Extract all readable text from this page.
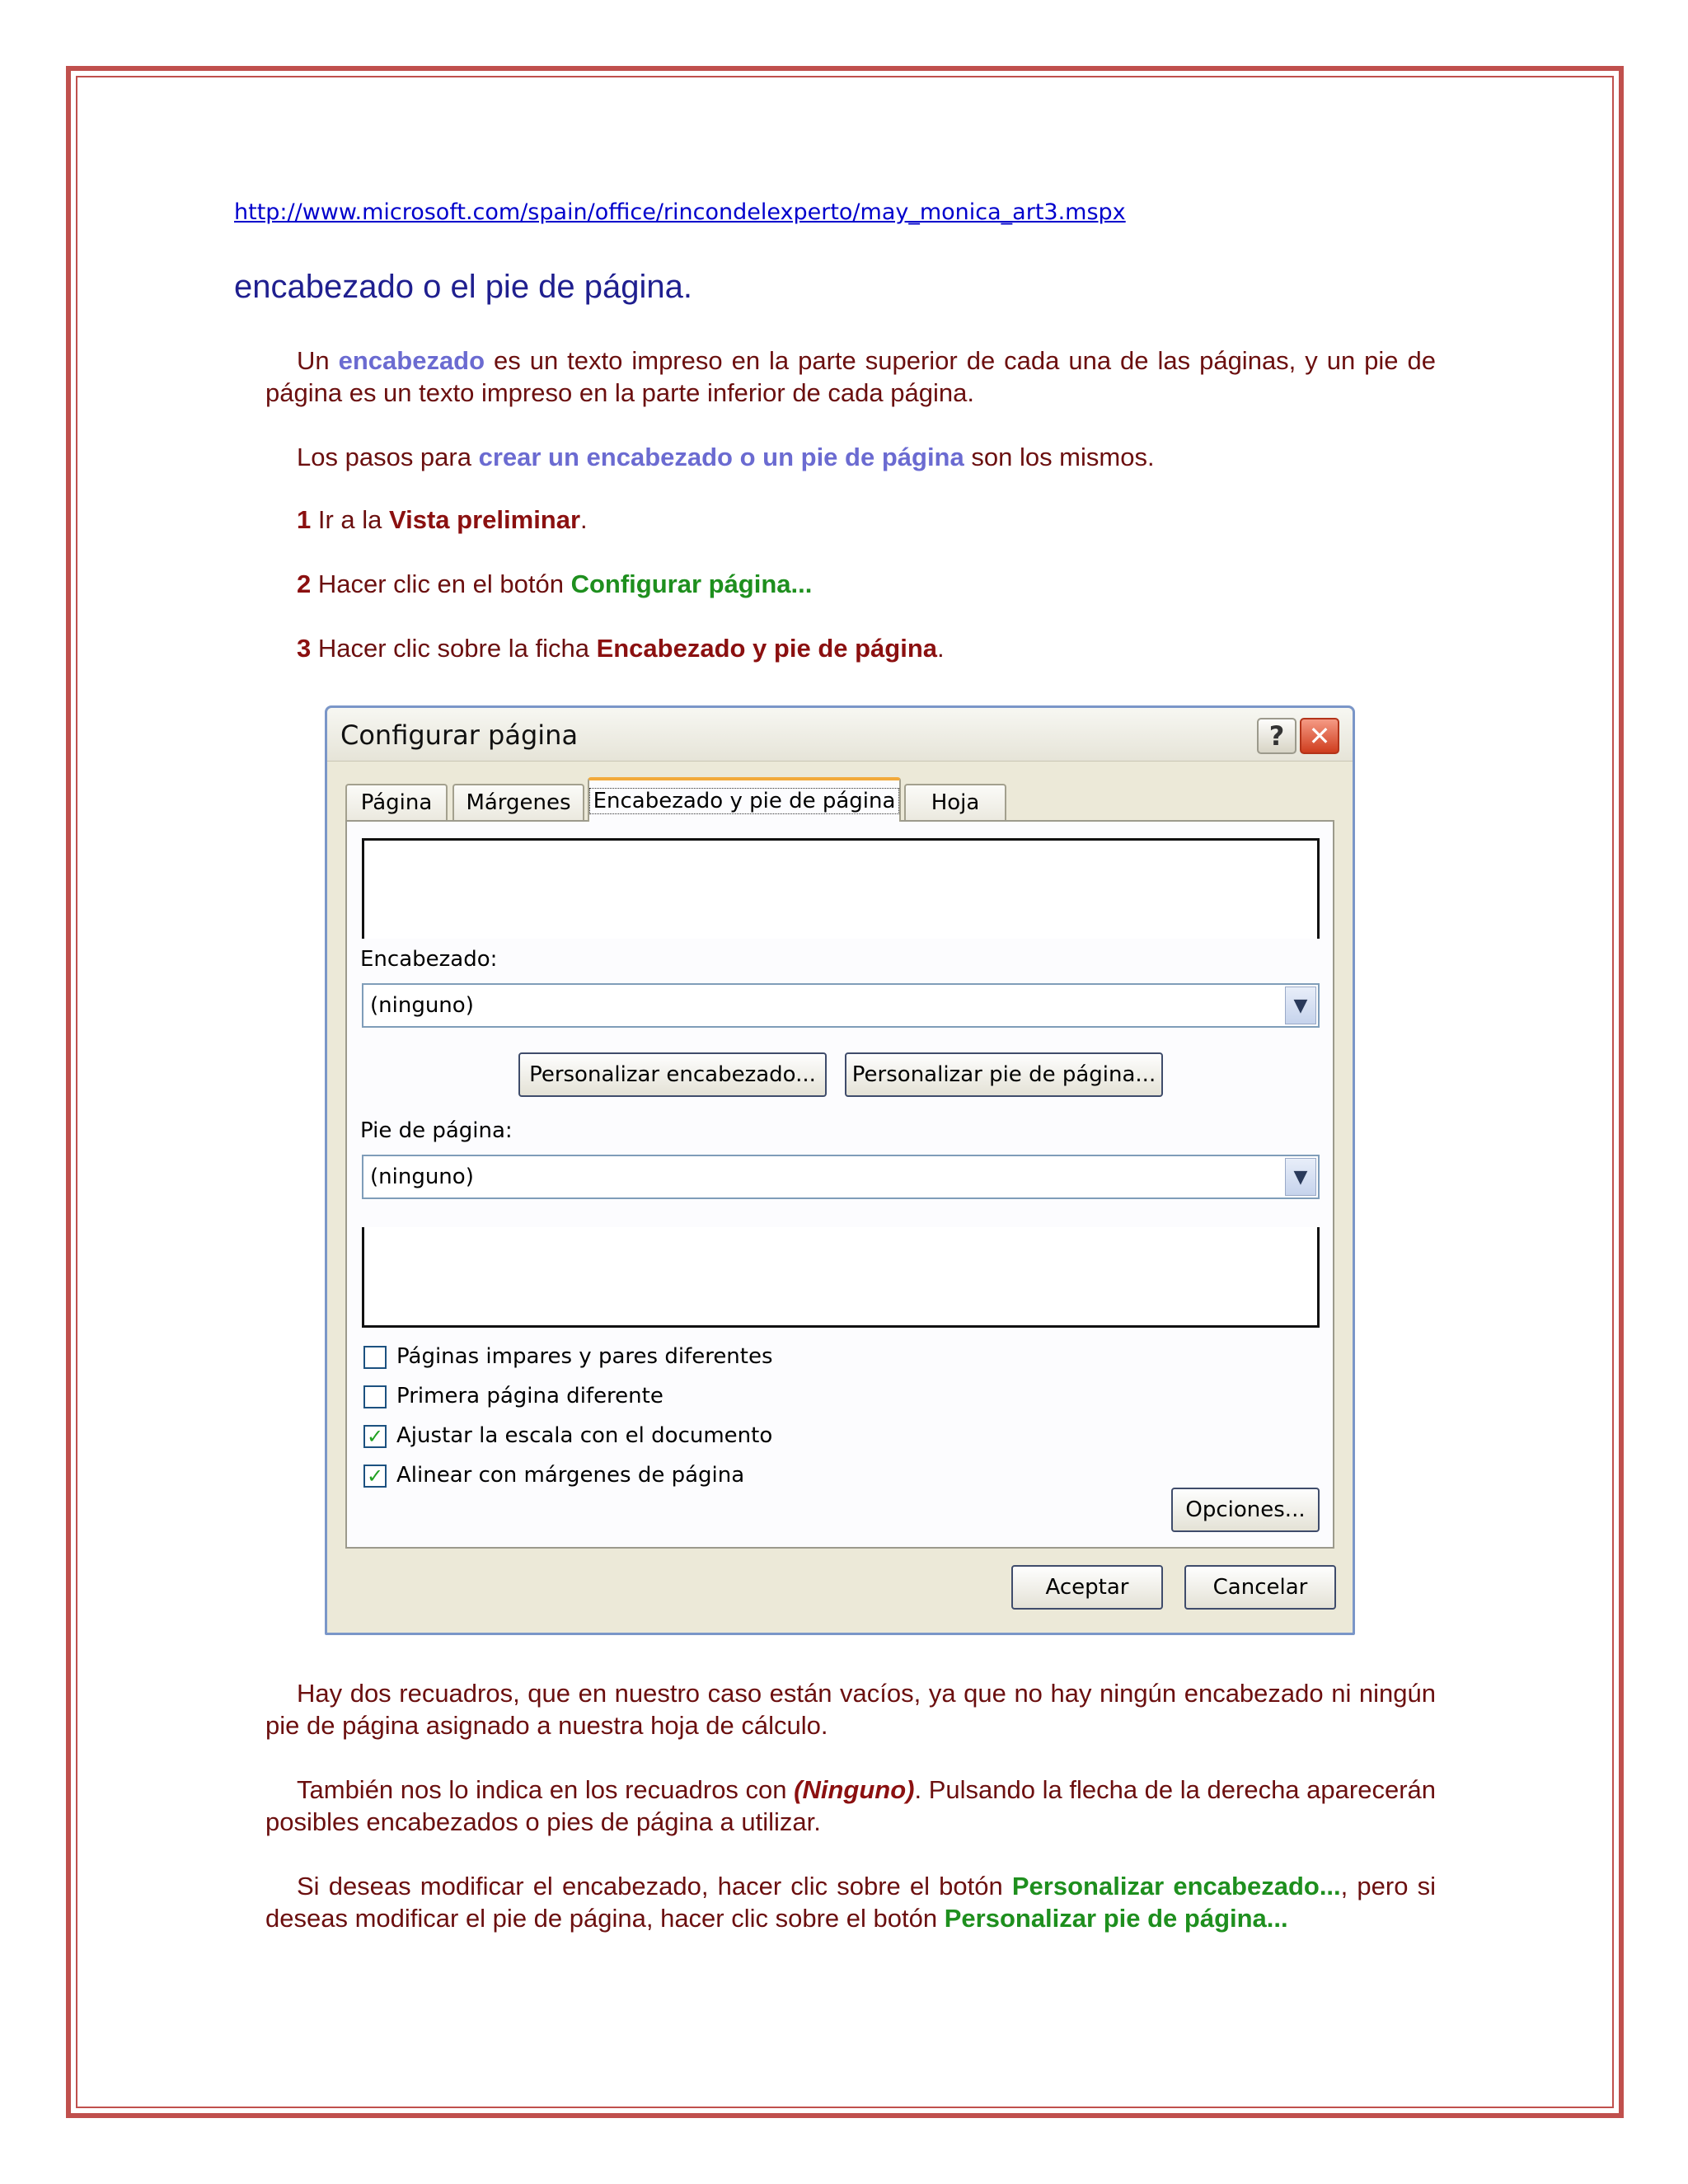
http://www.microsoft.com/spain/office/rincondelexperto/may_monica_art3.mspx
encabezado o el pie de página.
Un encabezado es un texto impreso en la parte superior de cada una de las páginas, y un pie de página es un texto impreso en la parte inferior de cada página.
Los pasos para crear un encabezado o un pie de página son los mismos.
1 Ir a la Vista preliminar.
2 Hacer clic en el botón Configurar página...
3 Hacer clic sobre la ficha Encabezado y pie de página.
Configurar página	? ✕
Página Márgenes Encabezado y pie de página Hoja
Encabezado:
(ninguno)	▼
Personalizar encabezado...	Personalizar pie de página...
Pie de página:
(ninguno)	▼
Páginas impares y pares diferentes
Primera página diferente
✓ Ajustar la escala con el documento
✓ Alinear con márgenes de página
Opciones...
Aceptar	Cancelar
Hay dos recuadros, que en nuestro caso están vacíos, ya que no hay ningún encabezado ni ningún pie de página asignado a nuestra hoja de cálculo.
También nos lo indica en los recuadros con (Ninguno). Pulsando la flecha de la derecha aparecerán posibles encabezados o pies de página a utilizar.
Si deseas modificar el encabezado, hacer clic sobre el botón Personalizar encabezado..., pero si deseas modificar el pie de página, hacer clic sobre el botón Personalizar pie de página...
